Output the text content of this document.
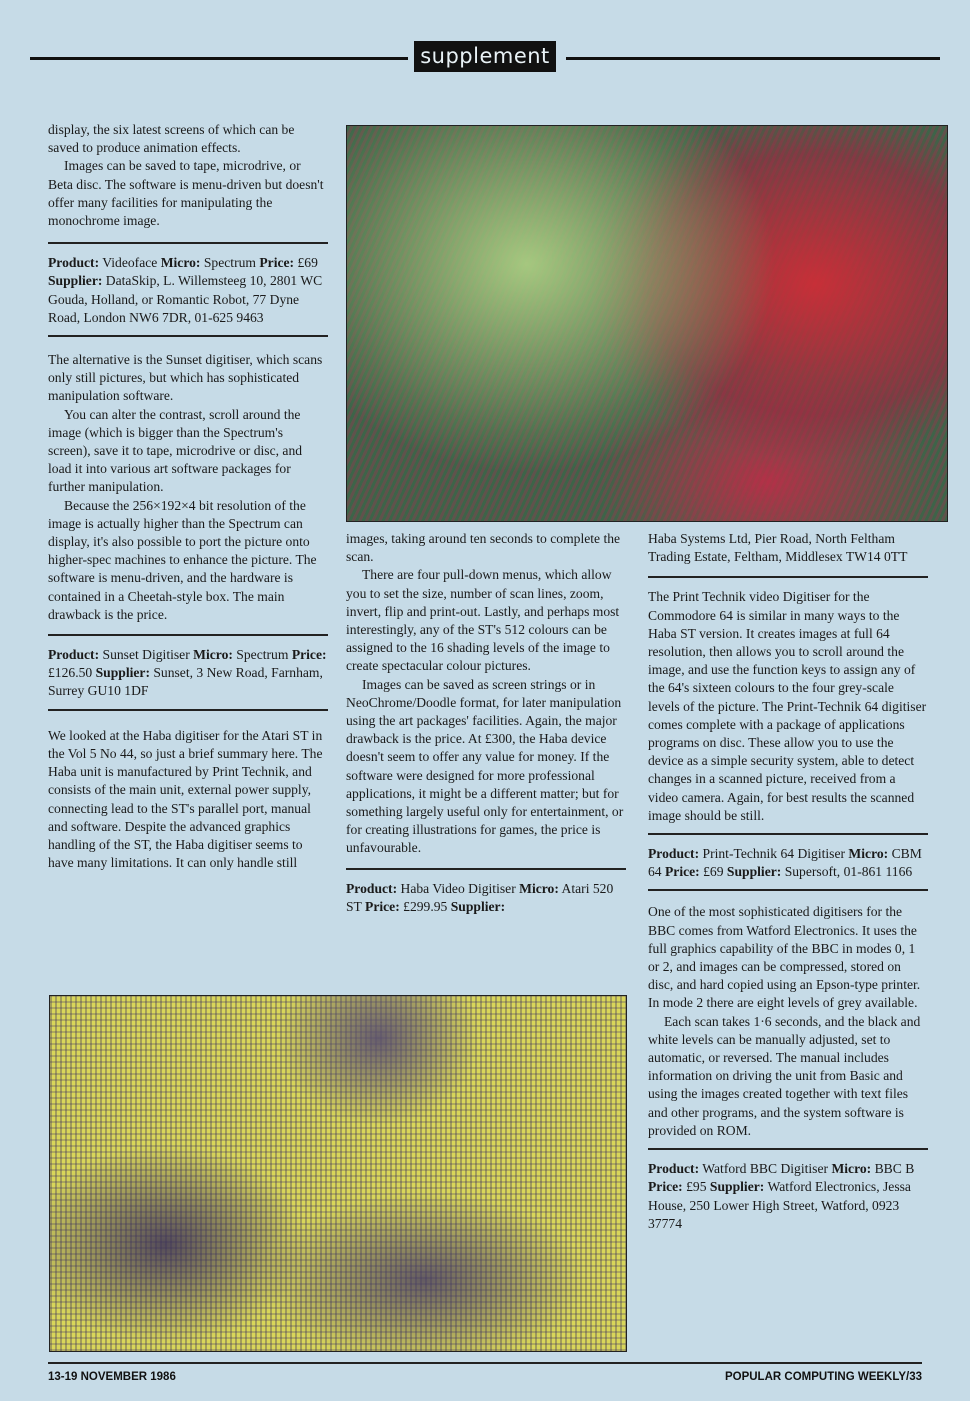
supplement

display, the six latest screens of which can be saved to produce animation effects.

Images can be saved to tape, microdrive, or Beta disc. The software is menu-driven but doesn't offer many facilities for manipulating the monochrome image.

Product: Videoface Micro: Spectrum Price: £69 Supplier: DataSkip, L. Willemsteeg 10, 2801 WC Gouda, Holland, or Romantic Robot, 77 Dyne Road, London NW6 7DR, 01-625 9463

The alternative is the Sunset digitiser, which scans only still pictures, but which has sophisticated manipulation software.

You can alter the contrast, scroll around the image (which is bigger than the Spectrum's screen), save it to tape, microdrive or disc, and load it into various art software packages for further manipulation.

Because the 256×192×4 bit resolution of the image is actually higher than the Spectrum can display, it's also possible to port the picture onto higher-spec machines to enhance the picture. The software is menu-driven, and the hardware is contained in a Cheetah-style box. The main drawback is the price.

Product: Sunset Digitiser Micro: Spectrum Price: £126.50 Supplier: Sunset, 3 New Road, Farnham, Surrey GU10 1DF

We looked at the Haba digitiser for the Atari ST in the Vol 5 No 44, so just a brief summary here. The Haba unit is manufactured by Print Technik, and consists of the main unit, external power supply, connecting lead to the ST's parallel port, manual and software. Despite the advanced graphics handling of the ST, the Haba digitiser seems to have many limitations. It can only handle still

images, taking around ten seconds to complete the scan.

There are four pull-down menus, which allow you to set the size, number of scan lines, zoom, invert, flip and print-out. Lastly, and perhaps most interestingly, any of the ST's 512 colours can be assigned to the 16 shading levels of the image to create spectacular colour pictures.

Images can be saved as screen strings or in NeoChrome/Doodle format, for later manipulation using the art packages' facilities. Again, the major drawback is the price. At £300, the Haba device doesn't seem to offer any value for money. If the software were designed for more professional applications, it might be a different matter; but for something largely useful only for entertainment, or for creating illustrations for games, the price is unfavourable.

Product: Haba Video Digitiser Micro: Atari 520 ST Price: £299.95 Supplier:

Haba Systems Ltd, Pier Road, North Feltham Trading Estate, Feltham, Middlesex TW14 0TT

The Print Technik video Digitiser for the Commodore 64 is similar in many ways to the Haba ST version. It creates images at full 64 resolution, then allows you to scroll around the image, and use the function keys to assign any of the 64's sixteen colours to the four grey-scale levels of the picture. The Print-Technik 64 digitiser comes complete with a package of applications programs on disc. These allow you to use the device as a simple security system, able to detect changes in a scanned picture, received from a video camera. Again, for best results the scanned image should be still.

Product: Print-Technik 64 Digitiser Micro: CBM 64 Price: £69 Supplier: Supersoft, 01-861 1166

One of the most sophisticated digitisers for the BBC comes from Watford Electronics. It uses the full graphics capability of the BBC in modes 0, 1 or 2, and images can be compressed, stored on disc, and hard copied using an Epson-type printer. In mode 2 there are eight levels of grey available.

Each scan takes 1·6 seconds, and the black and white levels can be manually adjusted, set to automatic, or reversed. The manual includes information on driving the unit from Basic and using the images created together with text files and other programs, and the system software is provided on ROM.

Product: Watford BBC Digitiser Micro: BBC B Price: £95 Supplier: Watford Electronics, Jessa House, 250 Lower High Street, Watford, 0923 37774

13-19 NOVEMBER 1986	POPULAR COMPUTING WEEKLY/33
